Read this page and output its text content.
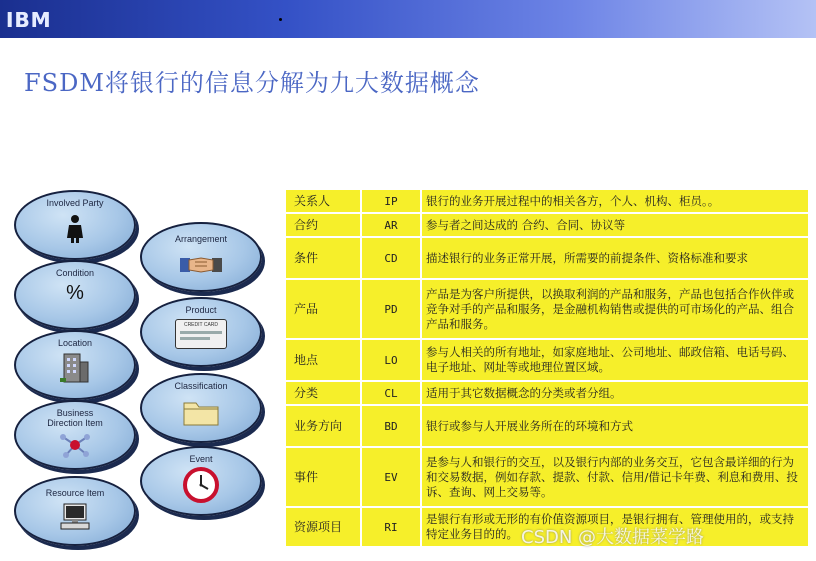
IBM
FSDM将银行的信息分解为九大数据概念
Involved Party
Condition
%
Location
Business
Direction Item
Resource Item
Arrangement
Product
CREDIT CARD
Classification
Event
关系人	IP	银行的业务开展过程中的相关各方，个人、机构、柜员。。
合约	AR	参与者之间达成的 合约、合同、协议等
条件	CD	描述银行的业务正常开展，所需要的前提条件、资格标准和要求
产品	PD	产品是为客户所提供，以换取利润的产品和服务，产品也包括合作伙伴或竞争对手的产品和服务，是金融机构销售或提供的可市场化的产品、组合产品和服务。
地点	LO	参与人相关的所有地址，如家庭地址、公司地址、邮政信箱、电话号码、电子地址、网址等或地理位置区域。
分类	CL	适用于其它数据概念的分类或者分组。
业务方向	BD	银行或参与人开展业务所在的环境和方式
事件	EV	是参与人和银行的交互，以及银行内部的业务交互，它包含最详细的行为和交易数据，例如存款、提款、付款、信用/借记卡年费、利息和费用、投诉、查询、网上交易等。
资源项目	RI	是银行有形或无形的有价值资源项目，是银行拥有、管理使用的，或支持特定业务目的的。 CSDN @大数据菜学路
